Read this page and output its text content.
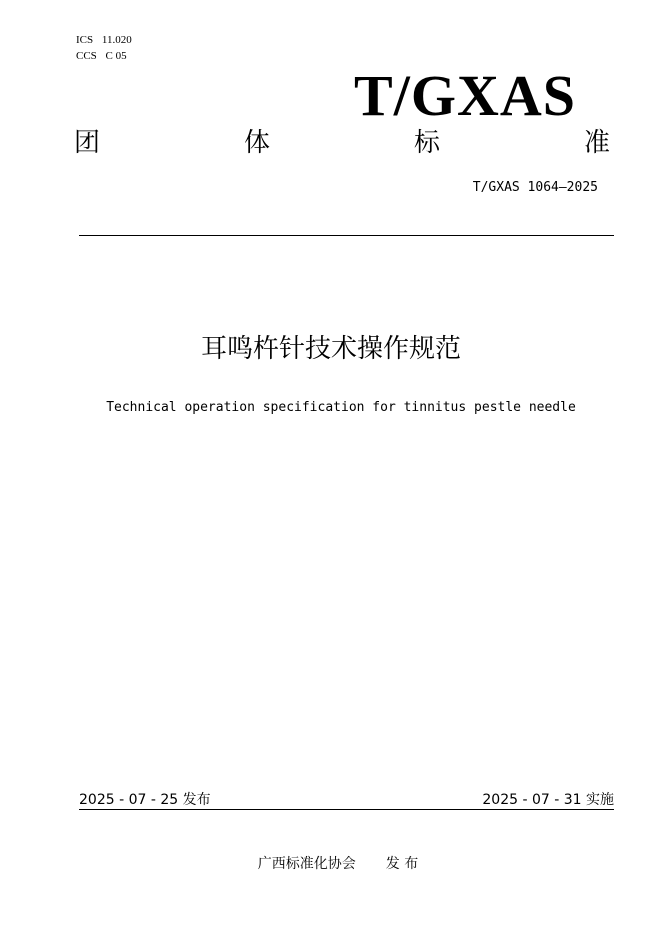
ICS 11.020
CCS C 05
T/GXAS
团	体	标	准
T/GXAS 1064—2025
耳鸣杵针技术操作规范
Technical operation specification for tinnitus pestle needle
2025 - 07 - 25 发布	2025 - 07 - 31 实施
广西标准化协会 发 布
